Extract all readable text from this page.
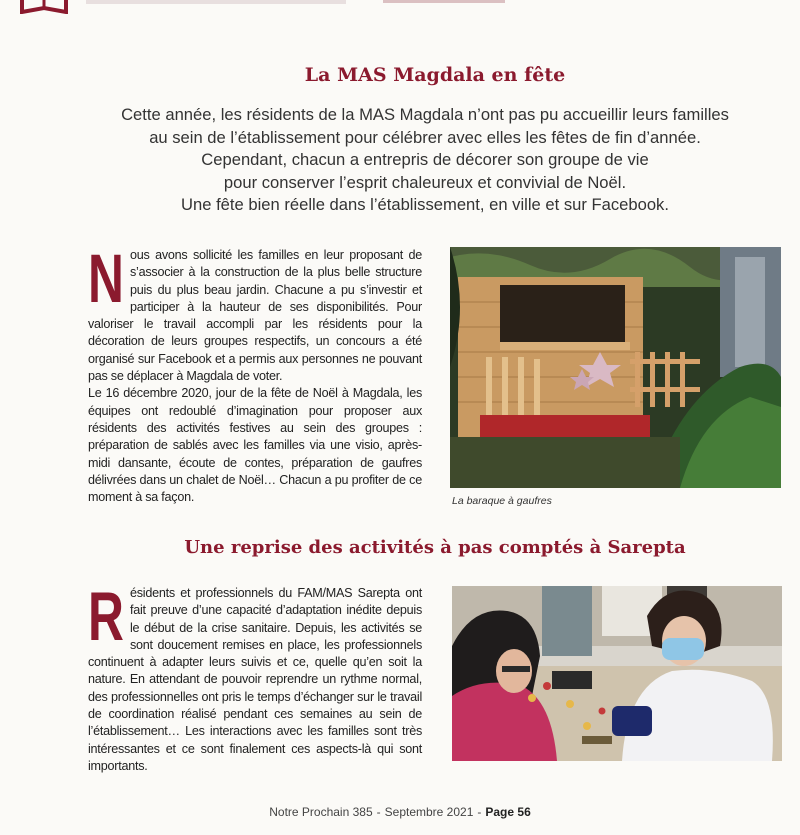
La MAS Magdala en fête

Cette année, les résidents de la MAS Magdala n’ont pas pu accueillir leurs familles

au sein de l’établissement pour célébrer avec elles les fêtes de fin d’année.

Cependant, chacun a entrepris de décorer son groupe de vie

pour conserver l’esprit chaleureux et convivial de Noël.

Une fête bien réelle dans l’établissement, en ville et sur Facebook.

N ous avons sollicité les familles en leur proposant de s’associer à la construction de la plus belle structure puis du plus beau jardin. Chacune a pu s’investir et participer à la hauteur de ses disponibilités. Pour valoriser le travail accompli par les résidents pour la décoration de leurs groupes respectifs, un concours a été organisé sur Facebook et a permis aux personnes ne pouvant pas se déplacer à Magdala de voter.

Le 16 décembre 2020, jour de la fête de Noël à Magdala, les équipes ont redoublé d’imagination pour proposer aux résidents des activités festives au sein des groupes : préparation de sablés avec les familles via une visio, après-midi dansante, écoute de contes, préparation de gaufres délivrées dans un chalet de Noël… Chacun a pu profiter de ce moment à sa façon.	La baraque à gaufres
Une reprise des activités à pas comptés à Sarepta
R ésidents et professionnels du FAM/MAS Sarepta ont fait preuve d’une capacité d’adaptation inédite depuis le début de la crise sanitaire. Depuis, les activités se sont doucement remises en place, les professionnels continuent à adapter leurs suivis et ce, quelle qu’en soit la nature. En attendant de pouvoir reprendre un rythme normal, des professionnelles ont pris le temps d’échanger sur le travail de coordination réalisé pendant ces semaines au sein de l’établissement… Les interactions avec les familles sont très intéressantes et ce sont finalement ces aspects-là qui sont importants.

Notre Prochain 385 - Septembre 2021 - Page 56
